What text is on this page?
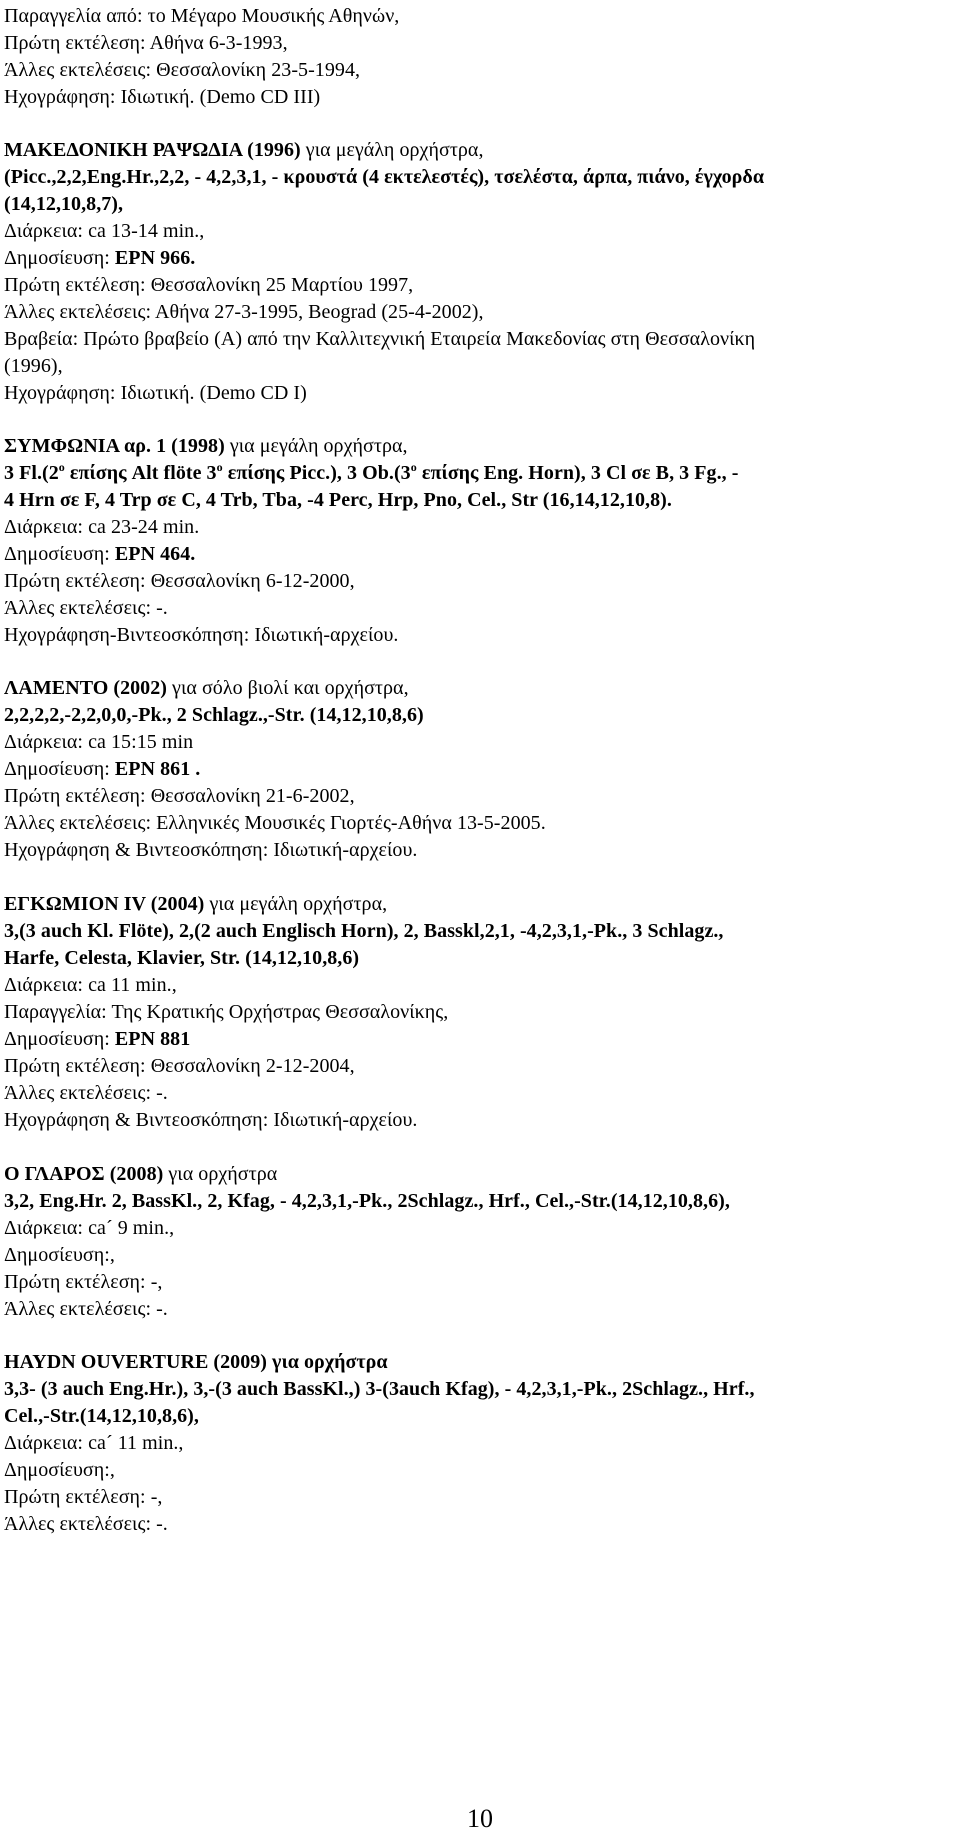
Παραγγελία από: το Μέγαρο Μουσικής Αθηνών,
Πρώτη εκτέλεση: Αθήνα 6-3-1993,
Άλλες εκτελέσεις: Θεσσαλονίκη 23-5-1994,
Ηχογράφηση: Ιδιωτική. (Demo CD III)
ΜΑΚΕΔΟΝΙΚΗ ΡΑΨΩΔΙΑ (1996) για μεγάλη ορχήστρα,
(Picc.,2,2,Eng.Hr.,2,2, - 4,2,3,1, - κρουστά (4 εκτελεστές), τσελέστα, άρπα, πιάνο, έγχορδα
(14,12,10,8,7),
Διάρκεια: ca 13-14 min.,
Δημοσίευση: EPN 966.
Πρώτη εκτέλεση: Θεσσαλονίκη 25 Μαρτίου 1997,
Άλλες εκτελέσεις: Αθήνα 27-3-1995, Beograd (25-4-2002),
Βραβεία: Πρώτο βραβείο (A) από την Καλλιτεχνική Εταιρεία Μακεδονίας στη Θεσσαλονίκη
(1996),
Ηχογράφηση: Ιδιωτική. (Demo CD I)
ΣΥΜΦΩΝΙΑ αρ. 1 (1998) για μεγάλη ορχήστρα,
3 Fl.(2$^o$ επίσης Alt flöte 3$^o$ επίσης Picc.), 3 Ob.(3$^o$ επίσης Eng. Horn), 3 Cl σε B, 3 Fg., -
4 Hrn σε F, 4 Trp σε C, 4 Trb, Tba, -4 Perc, Hrp, Pno, Cel., Str (16,14,12,10,8).
Διάρκεια: ca 23-24 min.
Δημοσίευση: EPN 464.
Πρώτη εκτέλεση: Θεσσαλονίκη 6-12-2000,
Άλλες εκτελέσεις: -.
Ηχογράφηση-Βιντεοσκόπηση: Ιδιωτική-αρχείου.
ΛΑΜΕΝΤΟ (2002) για σόλο βιολί και ορχήστρα,
2,2,2,2,-2,2,0,0,-Pk., 2 Schlagz.,-Str. (14,12,10,8,6)
Διάρκεια: ca 15:15 min
Δημοσίευση: EPN 861 .
Πρώτη εκτέλεση: Θεσσαλονίκη 21-6-2002,
Άλλες εκτελέσεις: Ελληνικές Μουσικές Γιορτές-Αθήνα 13-5-2005.
Ηχογράφηση & Βιντεοσκόπηση: Ιδιωτική-αρχείου.
ΕΓΚΩΜΙΟΝ IV (2004) για μεγάλη ορχήστρα,
3,(3 auch Kl. Flöte), 2,(2 auch Englisch Horn), 2, Basskl,2,1, -4,2,3,1,-Pk., 3 Schlagz.,
Harfe, Celesta, Klavier, Str. (14,12,10,8,6)
Διάρκεια: ca 11 min.,
Παραγγελία: Της Κρατικής Ορχήστρας Θεσσαλονίκης,
Δημοσίευση: EPN 881
Πρώτη εκτέλεση: Θεσσαλονίκη 2-12-2004,
Άλλες εκτελέσεις: -.
Ηχογράφηση & Βιντεοσκόπηση: Ιδιωτική-αρχείου.
Ο ΓΛΑΡΟΣ (2008) για ορχήστρα
3,2, Eng.Hr. 2, BassKl., 2, Kfag, - 4,2,3,1,-Pk., 2Schlagz., Hrf., Cel.,-Str.(14,12,10,8,6),
Διάρκεια: ca´ 9 min.,
Δημοσίευση:,
Πρώτη εκτέλεση: -,
Άλλες εκτελέσεις: -.
HAYDN OUVERTURE (2009) για ορχήστρα
3,3- (3 auch Eng.Hr.), 3,-(3 auch BassKl.,) 3-(3auch Kfag), - 4,2,3,1,-Pk., 2Schlagz., Hrf.,
Cel.,-Str.(14,12,10,8,6),
Διάρκεια: ca´ 11 min.,
Δημοσίευση:,
Πρώτη εκτέλεση: -,
Άλλες εκτελέσεις: -.
10
